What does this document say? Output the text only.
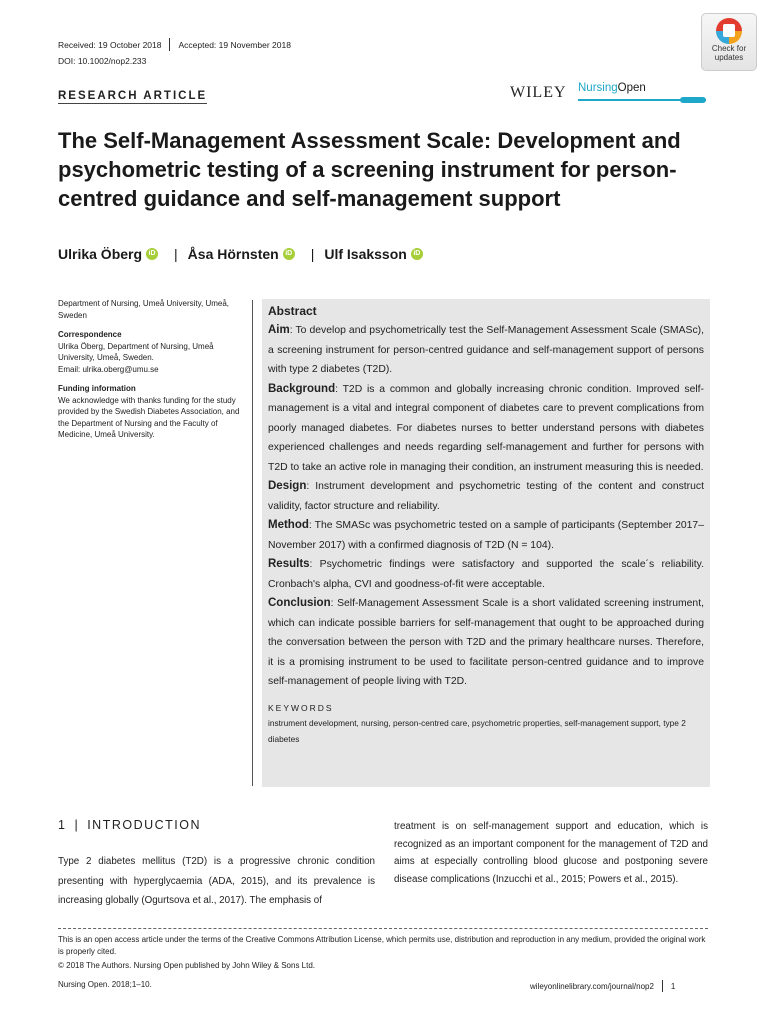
Received: 19 October 2018 Accepted: 19 November 2018
DOI: 10.1002/nop2.233
Check for updates
RESEARCH ARTICLE	WILEY NursingOpen
The Self-Management Assessment Scale: Development and psychometric testing of a screening instrument for person-centred guidance and self-management support
Ulrika Öberg iD | Åsa Hörnsten iD | Ulf Isaksson iD
Department of Nursing, Umeå University, Umeå, Sweden
Correspondence
Ulrika Öberg, Department of Nursing, Umeå University, Umeå, Sweden.
Email: ulrika.oberg@umu.se
Funding information
We acknowledge with thanks funding for the study provided by the Swedish Diabetes Association, and the Department of Nursing and the Faculty of Medicine, Umeå University.
Abstract

Aim: To develop and psychometrically test the Self-Management Assessment Scale (SMASc), a screening instrument for person-centred guidance and self-management support of persons with type 2 diabetes (T2D).

Background: T2D is a common and globally increasing chronic condition. Improved self-management is a vital and integral component of diabetes care to prevent complications from poorly managed diabetes. For diabetes nurses to better understand persons with diabetes experienced challenges and needs regarding self-management and further for persons with T2D to take an active role in managing their condition, an instrument measuring this is needed.

Design: Instrument development and psychometric testing of the content and construct validity, factor structure and reliability.

Method: The SMASc was psychometric tested on a sample of participants (September 2017–November 2017) with a confirmed diagnosis of T2D (N = 104).

Results: Psychometric findings were satisfactory and supported the scale´s reliability. Cronbach's alpha, CVI and goodness-of-fit were acceptable.

Conclusion: Self-Management Assessment Scale is a short validated screening instrument, which can indicate possible barriers for self-management that ought to be approached during the conversation between the person with T2D and the primary healthcare nurses. Therefore, it is a promising instrument to be used to facilitate person-centred guidance and to improve self-management of people living with T2D.

KEYWORDS
instrument development, nursing, person-centred care, psychometric properties, self-management support, type 2 diabetes
1 | INTRODUCTION
Type 2 diabetes mellitus (T2D) is a progressive chronic condition presenting with hyperglycaemia (ADA, 2015), and its prevalence is increasing globally (Ogurtsova et al., 2017). The emphasis of
treatment is on self-management support and education, which is recognized as an important component for the management of T2D and aims at especially controlling blood glucose and postponing severe disease complications (Inzucchi et al., 2015; Powers et al., 2015).
This is an open access article under the terms of the Creative Commons Attribution License, which permits use, distribution and reproduction in any medium, provided the original work is properly cited.
© 2018 The Authors. Nursing Open published by John Wiley & Sons Ltd.
Nursing Open. 2018;1–10.	wileyonlinelibrary.com/journal/nop2 1
